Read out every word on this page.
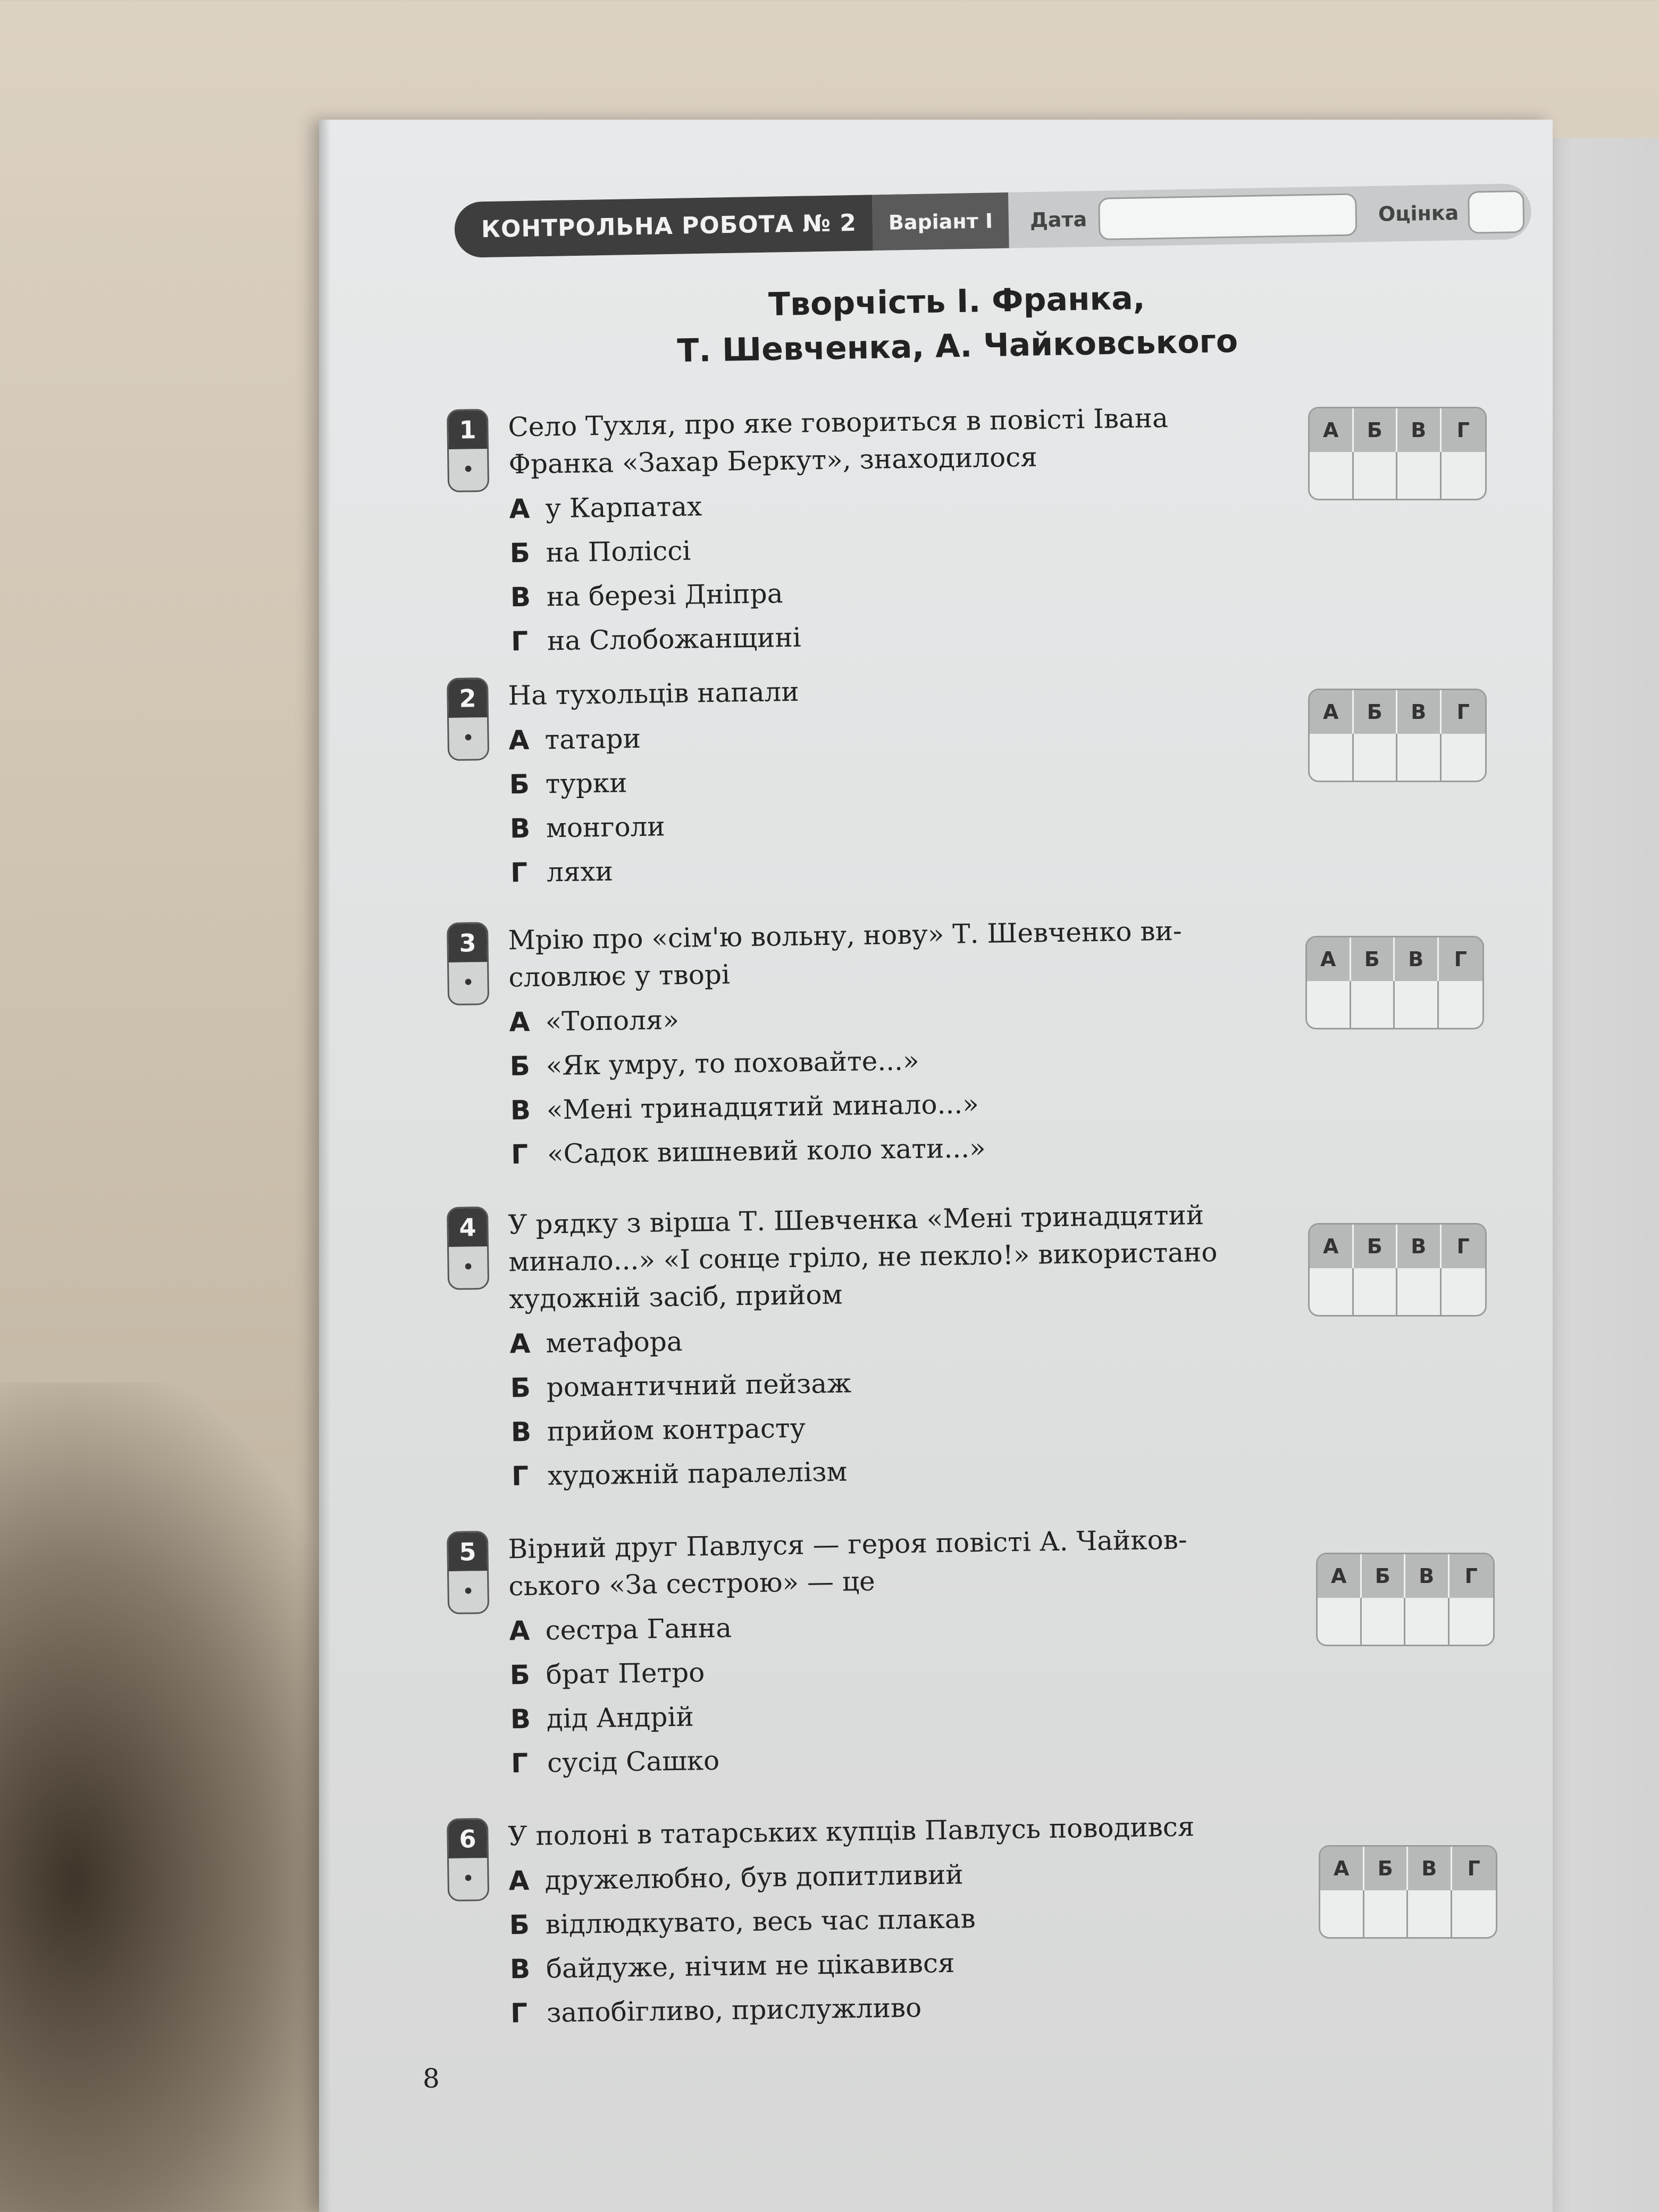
КОНТРОЛЬНА РОБОТА № 2	Варіант І	Дата	Оцінка
Творчість І. Франка,
Т. Шевченка, А. Чайковського
1
•
Село Тухля, про яке говориться в повісті Івана
Франка «Захар Беркут», знаходилося
А у Карпатах
Б на Поліссі
В на березі Дніпра
Г на Слобожанщині
2
•
На тухольців напали
А татари
Б турки
В монголи
Г ляхи
3
•
Мрію про «сім'ю вольну, нову» Т. Шевченко ви-
словлює у творі
А «Тополя»
Б «Як умру, то поховайте...»
В «Мені тринадцятий минало...»
Г «Садок вишневий коло хати...»
4
•
У рядку з вірша Т. Шевченка «Мені тринадцятий
минало...» «І сонце гріло, не пекло!» використано
художній засіб, прийом
А метафора
Б романтичний пейзаж
В прийом контрасту
Г художній паралелізм
5
•
Вірний друг Павлуся — героя повісті А. Чайков-
ського «За сестрою» — це
А сестра Ганна
Б брат Петро
В дід Андрій
Г сусід Сашко
6
•
У полоні в татарських купців Павлусь поводився
А дружелюбно, був допитливий
Б відлюдкувато, весь час плакав
В байдуже, нічим не цікавився
Г запобігливо, прислужливо
А	Б	В	Г
А	Б	В	Г
А	Б	В	Г
А	Б	В	Г
А	Б	В	Г
А	Б	В	Г
8
